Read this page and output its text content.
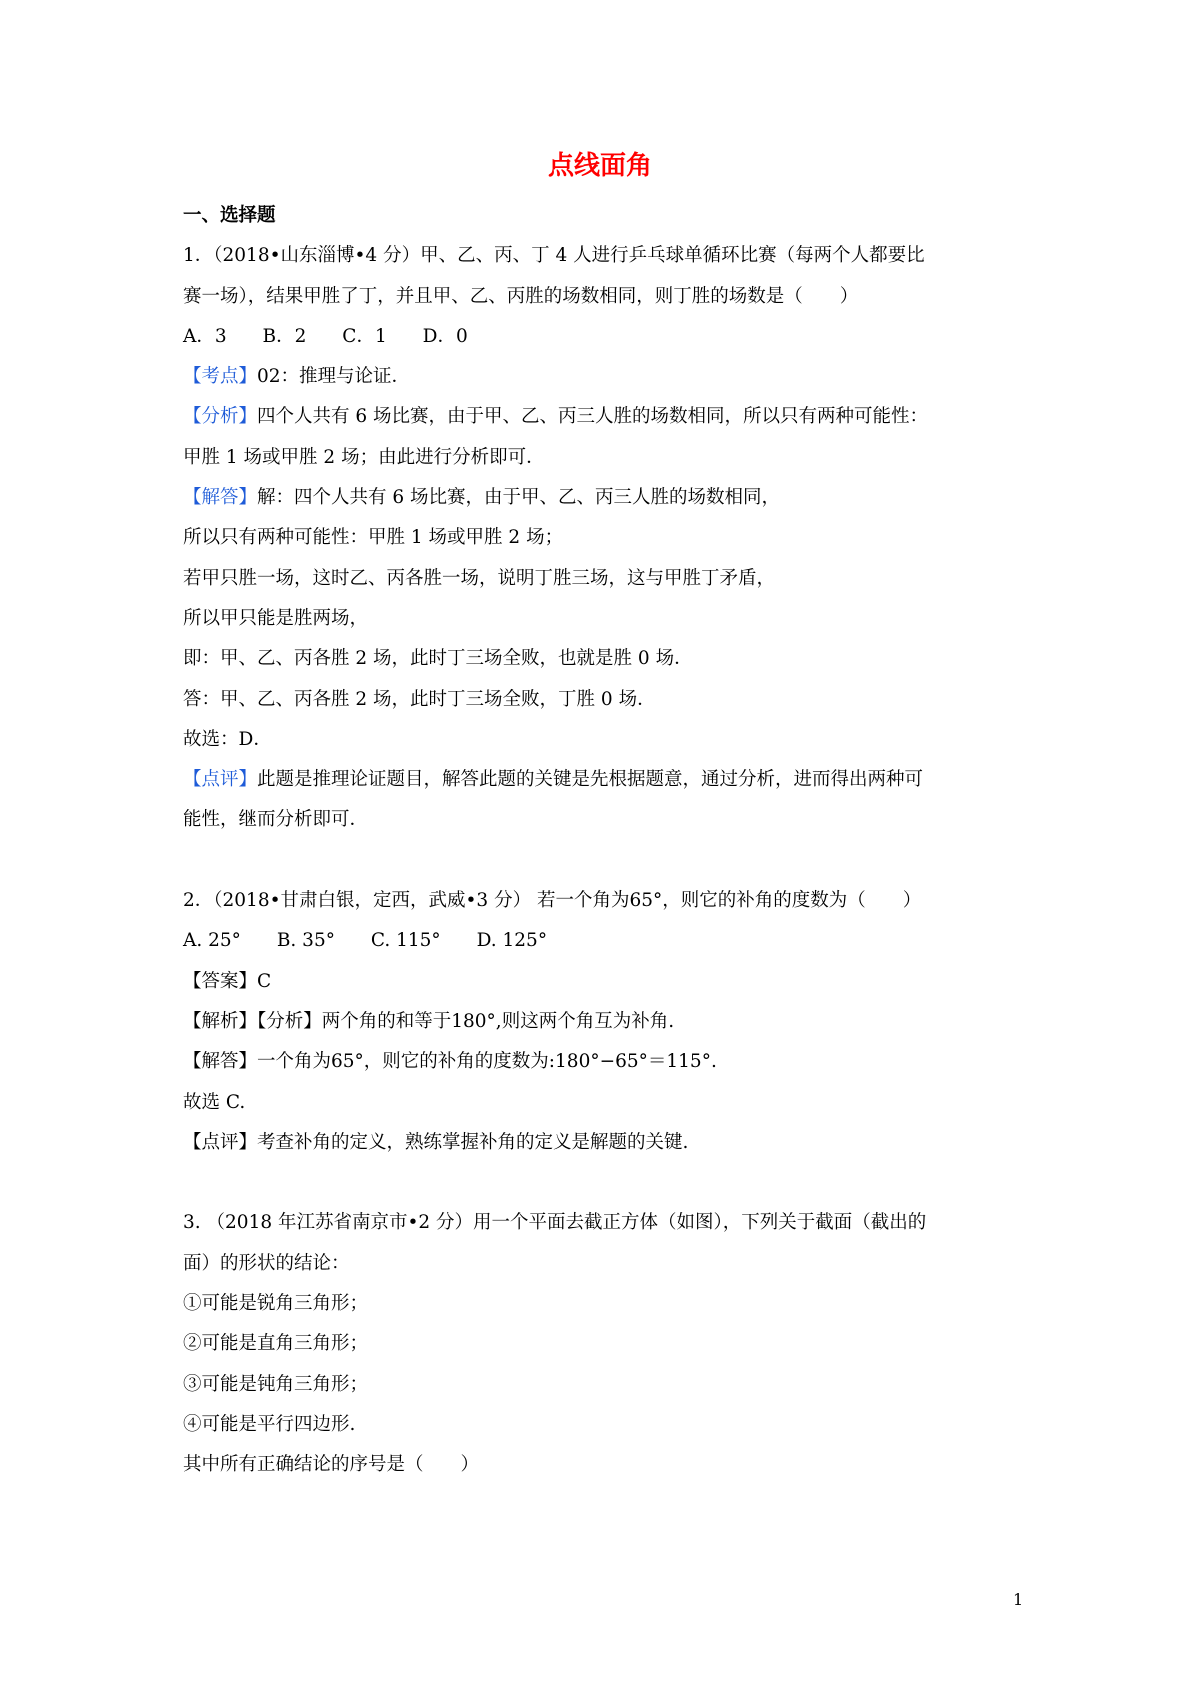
点线面角
一、选择题
1．（2018•山东淄博•4 分）甲、乙、丙、丁 4 人进行乒乓球单循环比赛（每两个人都要比
赛一场），结果甲胜了丁，并且甲、乙、丙胜的场数相同，则丁胜的场数是（　　）
A．3 B．2 C．1 D．0
【考点】02：推理与论证．
【分析】四个人共有 6 场比赛，由于甲、乙、丙三人胜的场数相同，所以只有两种可能性：
甲胜 1 场或甲胜 2 场；由此进行分析即可．
【解答】解：四个人共有 6 场比赛，由于甲、乙、丙三人胜的场数相同，
所以只有两种可能性：甲胜 1 场或甲胜 2 场；
若甲只胜一场，这时乙、丙各胜一场，说明丁胜三场，这与甲胜丁矛盾，
所以甲只能是胜两场，
即：甲、乙、丙各胜 2 场，此时丁三场全败，也就是胜 0 场．
答：甲、乙、丙各胜 2 场，此时丁三场全败，丁胜 0 场．
故选：D．
【点评】此题是推理论证题目，解答此题的关键是先根据题意，通过分析，进而得出两种可
能性，继而分析即可．
2．（2018•甘肃白银，定西，武威•3 分） 若一个角为65°，则它的补角的度数为（　　）
A. 25° B. 35° C. 115° D. 125°
【答案】C
【解析】【分析】两个角的和等于180°,则这两个角互为补角.
【解答】一个角为65°，则它的补角的度数为:180°−65°＝115°.
故选 C.
【点评】考查补角的定义，熟练掌握补角的定义是解题的关键.
3. （2018 年江苏省南京市•2 分）用一个平面去截正方体（如图），下列关于截面（截出的
面）的形状的结论：
①可能是锐角三角形；
②可能是直角三角形；
③可能是钝角三角形；
④可能是平行四边形.
其中所有正确结论的序号是（　　）
1
